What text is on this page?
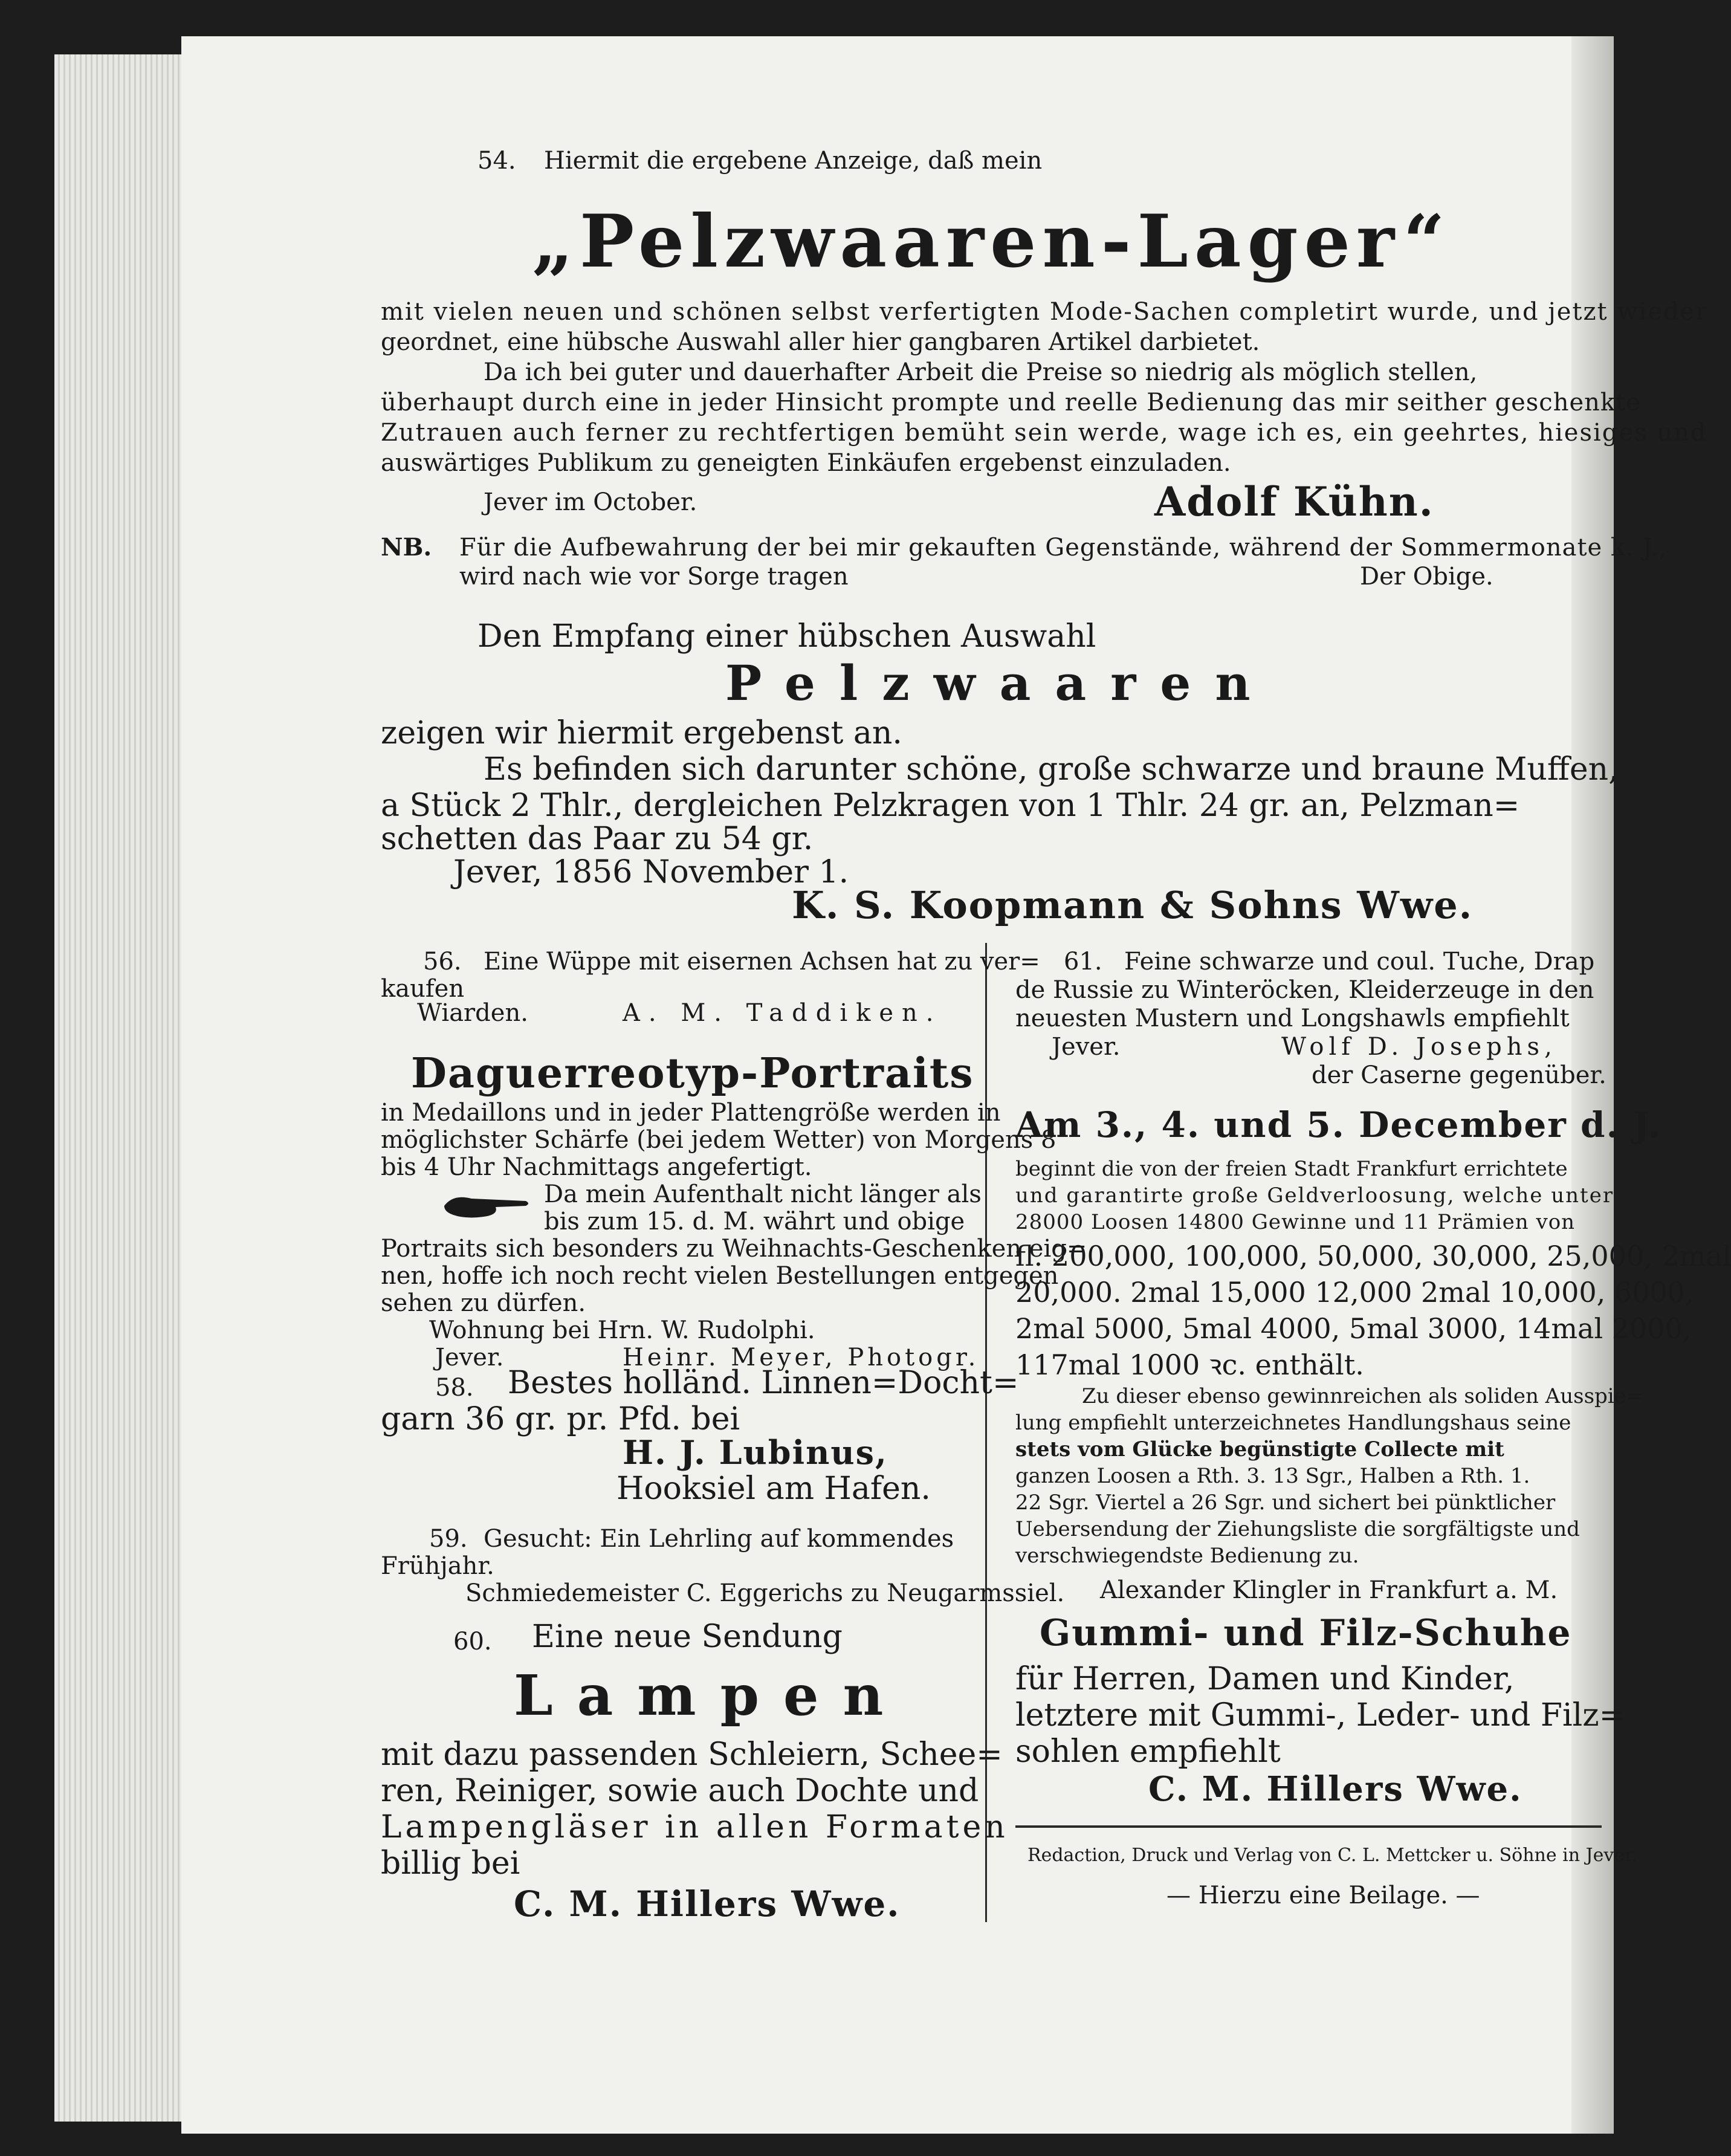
54. Hiermit die ergebene Anzeige, daß mein
„Pelzwaaren-Lager“
mit vielen neuen und schönen selbst verfertigten Mode-Sachen completirt wurde, und jetzt wieder
geordnet, eine hübsche Auswahl aller hier gangbaren Artikel darbietet.
Da ich bei guter und dauerhafter Arbeit die Preise so niedrig als möglich stellen,
überhaupt durch eine in jeder Hinsicht prompte und reelle Bedienung das mir seither geschenkte
Zutrauen auch ferner zu rechtfertigen bemüht sein werde, wage ich es, ein geehrtes, hiesiges und
auswärtiges Publikum zu geneigten Einkäufen ergebenst einzuladen.
Jever im October.	Adolf Kühn.
NB. Für die Aufbewahrung der bei mir gekauften Gegenstände, während der Sommermonate k. J.,
wird nach wie vor Sorge tragen	Der Obige.
Den Empfang einer hübschen Auswahl
Pelzwaaren
zeigen wir hiermit ergebenst an.
Es befinden sich darunter schöne, große schwarze und braune Muffen,
a Stück 2 Thlr., dergleichen Pelzkragen von 1 Thlr. 24 gr. an, Pelzman=
schetten das Paar zu 54 gr.
Jever, 1856 November 1.
K. S. Koopmann & Sohns Wwe.
56. Eine Wüppe mit eisernen Achsen hat zu ver=
kaufen
Wiarden.	A. M. Taddiken.
Daguerreotyp-Portraits
in Medaillons und in jeder Plattengröße werden in
möglichster Schärfe (bei jedem Wetter) von Morgens 8
bis 4 Uhr Nachmittags angefertigt.
Da mein Aufenthalt nicht länger als
bis zum 15. d. M. währt und obige
Portraits sich besonders zu Weihnachts-Geschenken eig=
nen, hoffe ich noch recht vielen Bestellungen entgegen
sehen zu dürfen.
Wohnung bei Hrn. W. Rudolphi.
Jever.	Heinr. Meyer, Photogr.
58. Bestes holländ. Linnen=Docht=
garn 36 gr. pr. Pfd. bei
H. J. Lubinus,
Hooksiel am Hafen.
59. Gesucht: Ein Lehrling auf kommendes
Frühjahr.
Schmiedemeister C. Eggerichs zu Neugarmssiel.
60. Eine neue Sendung
Lampen
mit dazu passenden Schleiern, Schee=
ren, Reiniger, sowie auch Dochte und
Lampengläser in allen Formaten
billig bei
C. M. Hillers Wwe.
61. Feine schwarze und coul. Tuche, Drap
de Russie zu Winteröcken, Kleiderzeuge in den
neuesten Mustern und Longshawls empfiehlt
Jever.	Wolf D. Josephs,
der Caserne gegenüber.
Am 3., 4. und 5. December d. J.
beginnt die von der freien Stadt Frankfurt errichtete
und garantirte große Geldverloosung, welche unter
28000 Loosen 14800 Gewinne und 11 Prämien von
fl. 200,000, 100,000, 50,000, 30,000, 25,000, 2mal
20,000. 2mal 15,000 12,000 2mal 10,000, 6000,
2mal 5000, 5mal 4000, 5mal 3000, 14mal 2000,
117mal 1000 ꝛc. enthält.
Zu dieser ebenso gewinnreichen als soliden Ausspie=
lung empfiehlt unterzeichnetes Handlungshaus seine
stets vom Glücke begünstigte Collecte mit
ganzen Loosen a Rth. 3. 13 Sgr., Halben a Rth. 1.
22 Sgr. Viertel a 26 Sgr. und sichert bei pünktlicher
Uebersendung der Ziehungsliste die sorgfältigste und
verschwiegendste Bedienung zu.
Alexander Klingler in Frankfurt a. M.
Gummi- und Filz-Schuhe
für Herren, Damen und Kinder,
letztere mit Gummi-, Leder- und Filz=
sohlen empfiehlt
C. M. Hillers Wwe.
Redaction, Druck und Verlag von C. L. Mettcker u. Söhne in Jever.
— Hierzu eine Beilage. —
